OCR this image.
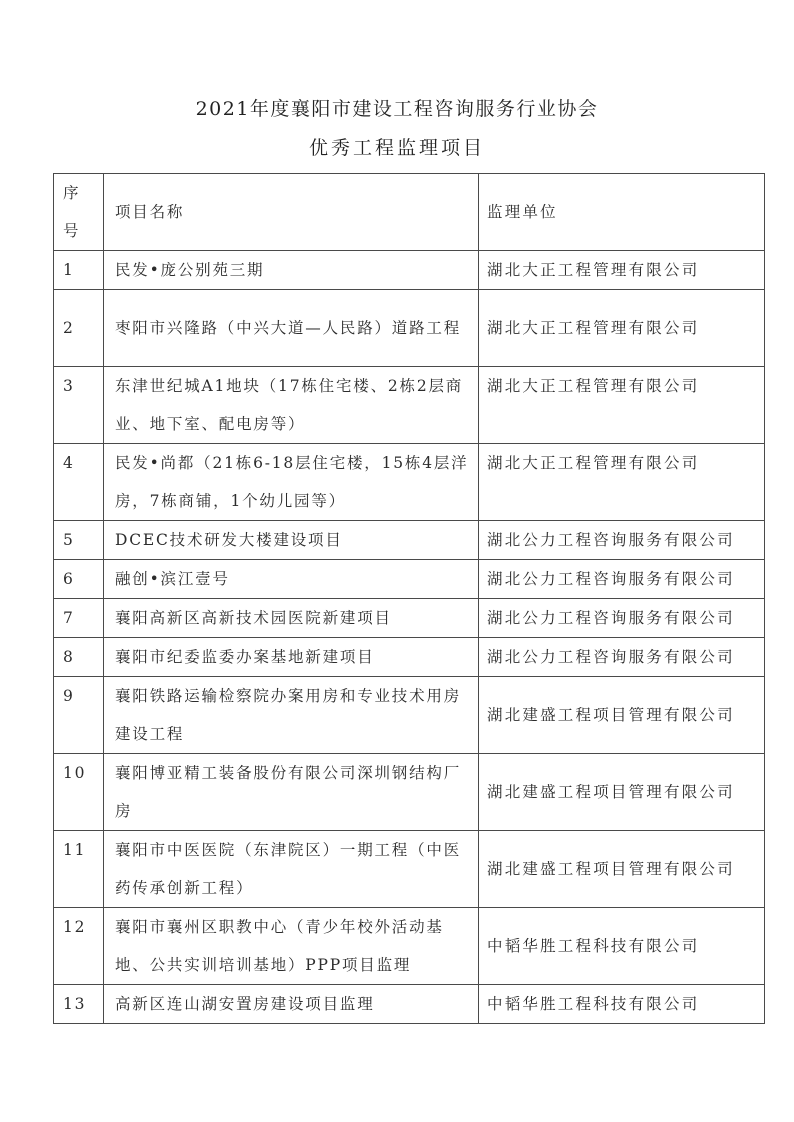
2021年度襄阳市建设工程咨询服务行业协会
优秀工程监理项目
序号	项目名称	监理单位
1	民发•庞公别苑三期	湖北大正工程管理有限公司
2	枣阳市兴隆路（中兴大道—人民路）道路工程	湖北大正工程管理有限公司
3	东津世纪城A1地块（17栋住宅楼、2栋2层商业、地下室、配电房等）	湖北大正工程管理有限公司
4	民发•尚都（21栋6-18层住宅楼，15栋4层洋房，7栋商铺，1个幼儿园等）	湖北大正工程管理有限公司
5	DCEC技术研发大楼建设项目	湖北公力工程咨询服务有限公司
6	融创•滨江壹号	湖北公力工程咨询服务有限公司
7	襄阳高新区高新技术园医院新建项目	湖北公力工程咨询服务有限公司
8	襄阳市纪委监委办案基地新建项目	湖北公力工程咨询服务有限公司
9	襄阳铁路运输检察院办案用房和专业技术用房建设工程	湖北建盛工程项目管理有限公司
10	襄阳博亚精工装备股份有限公司深圳钢结构厂房	湖北建盛工程项目管理有限公司
11	襄阳市中医医院（东津院区）一期工程（中医药传承创新工程）	湖北建盛工程项目管理有限公司
12	襄阳市襄州区职教中心（青少年校外活动基地、公共实训培训基地）PPP项目监理	中韬华胜工程科技有限公司
13	高新区连山湖安置房建设项目监理	中韬华胜工程科技有限公司
